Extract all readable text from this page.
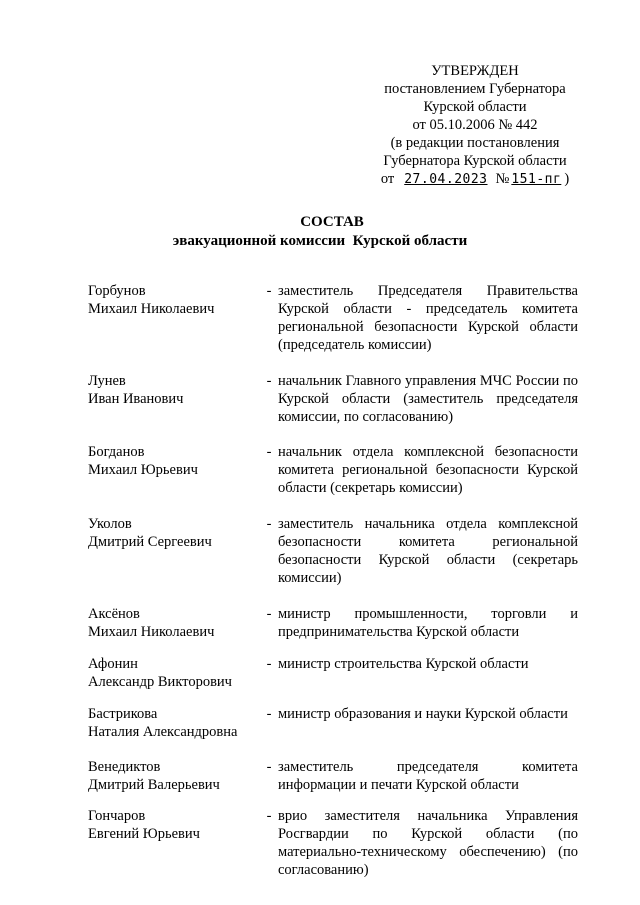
УТВЕРЖДЕН
постановлением Губернатора
Курской области
от 05.10.2006 № 442
(в редакции постановления
Губернатора Курской области
от 27.04.2023 № 151-пг )
СОСТАВ
эвакуационной комиссии  Курской области
Горбунов
Михаил Николаевич
- заместитель Председателя Правительства Курской области - председатель комитета региональной безопасности Курской области (председатель комиссии)
Лунев
Иван Иванович
- начальник Главного управления МЧС России по Курской области (заместитель председателя комиссии, по согласованию)
Богданов
Михаил Юрьевич
- начальник отдела комплексной безопасности комитета региональной безопасности Курской области (секретарь комиссии)
Уколов
Дмитрий Сергеевич
- заместитель начальника отдела комплексной безопасности комитета региональной безопасности Курской области (секретарь комиссии)
Аксёнов
Михаил Николаевич
- министр промышленности, торговли и предпринимательства Курской области
Афонин
Александр Викторович
- министр строительства Курской области
Бастрикова
Наталия Александровна
- министр образования и науки Курской области
Венедиктов
Дмитрий Валерьевич
- заместитель председателя комитета информации и печати Курской области
Гончаров
Евгений Юрьевич
- врио заместителя начальника Управления Росгвардии по Курской области (по материально-техническому обеспечению) (по согласованию)
